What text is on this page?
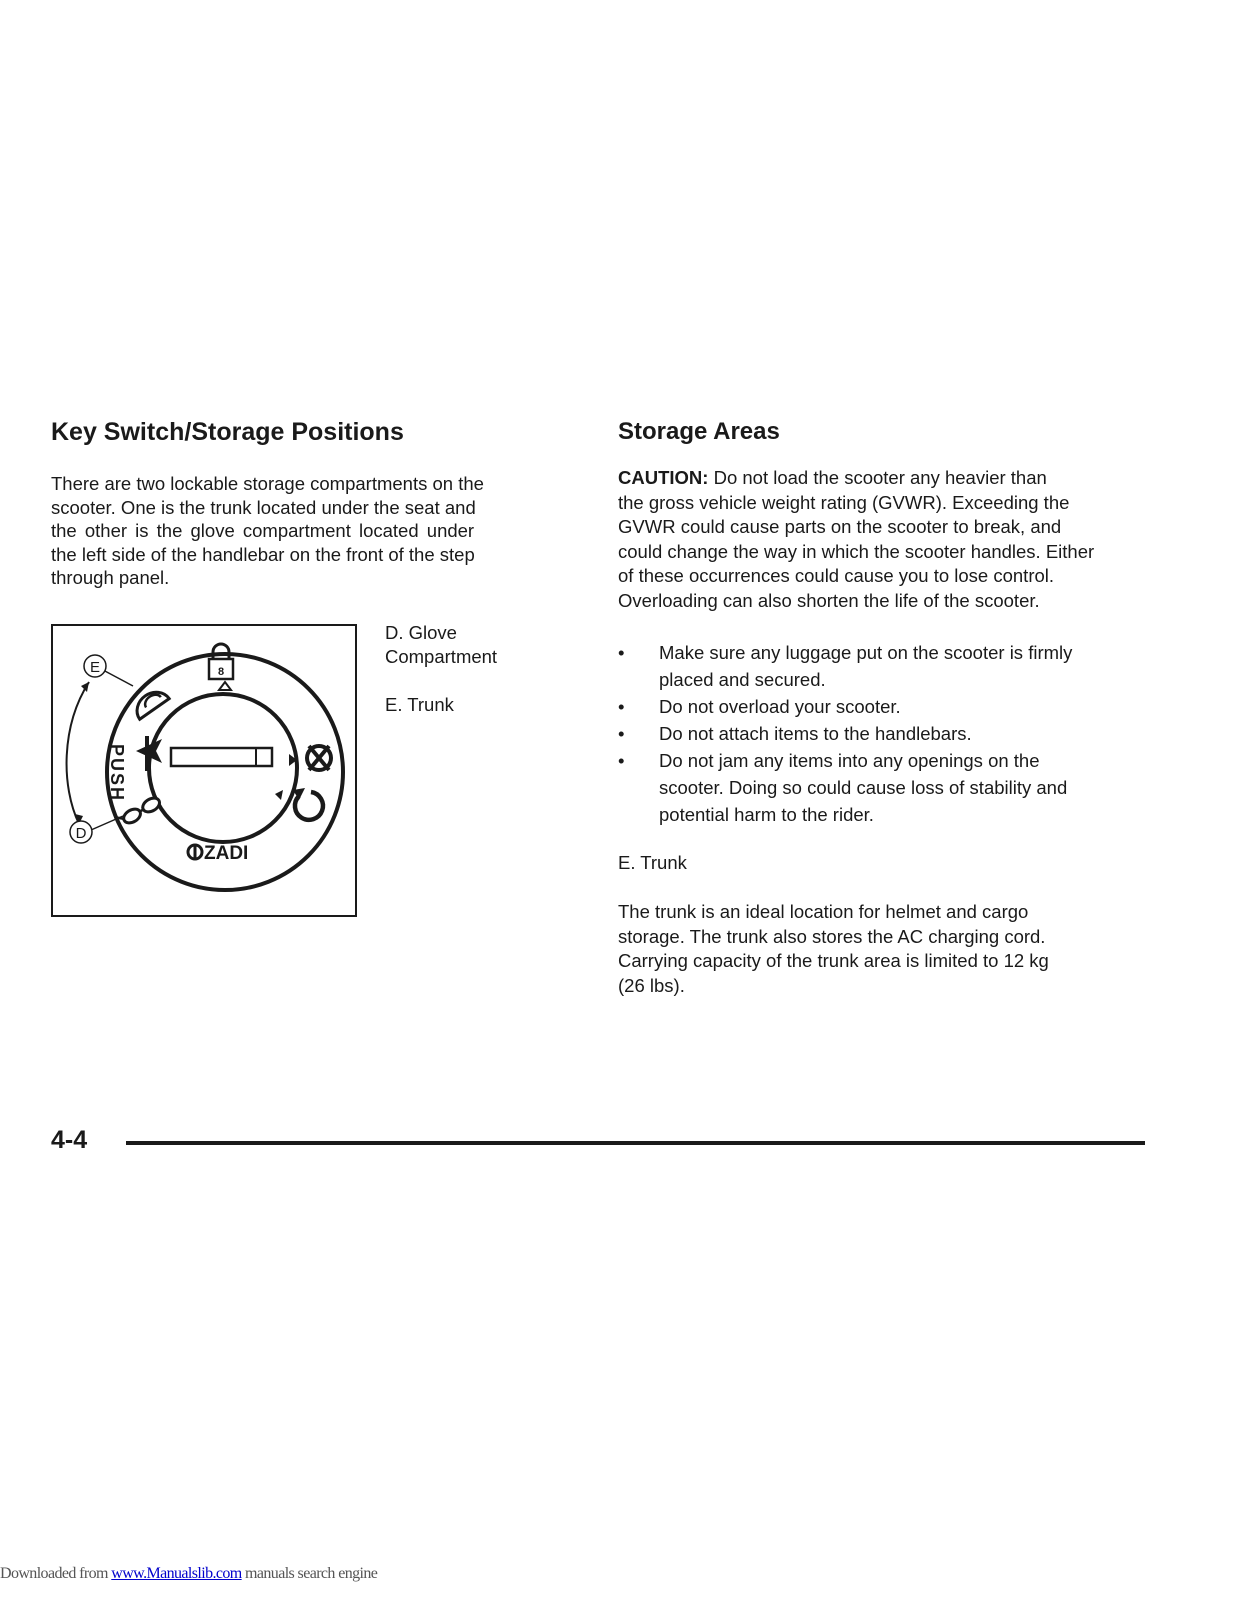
Key Switch/Storage Positions
There are two lockable storage compartments on the
scooter. One is the trunk located under the seat and
the other is the glove compartment located under
the left side of the handlebar on the front of the step
through panel.
8
PUSH
ZADI
E
D
D. Glove Compartment
E. Trunk
Storage Areas
CAUTION: Do not load the scooter any heavier than
the gross vehicle weight rating (GVWR). Exceeding the
GVWR could cause parts on the scooter to break, and
could change the way in which the scooter handles. Either
of these occurrences could cause you to lose control.
Overloading can also shorten the life of the scooter.
• Make sure any luggage put on the scooter is firmly
placed and secured.
• Do not overload your scooter.
• Do not attach items to the handlebars.
• Do not jam any items into any openings on the
scooter. Doing so could cause loss of stability and
potential harm to the rider.
E. Trunk
The trunk is an ideal location for helmet and cargo
storage. The trunk also stores the AC charging cord.
Carrying capacity of the trunk area is limited to 12 kg
(26 lbs).
4-4
Downloaded from www.Manualslib.com manuals search engine
